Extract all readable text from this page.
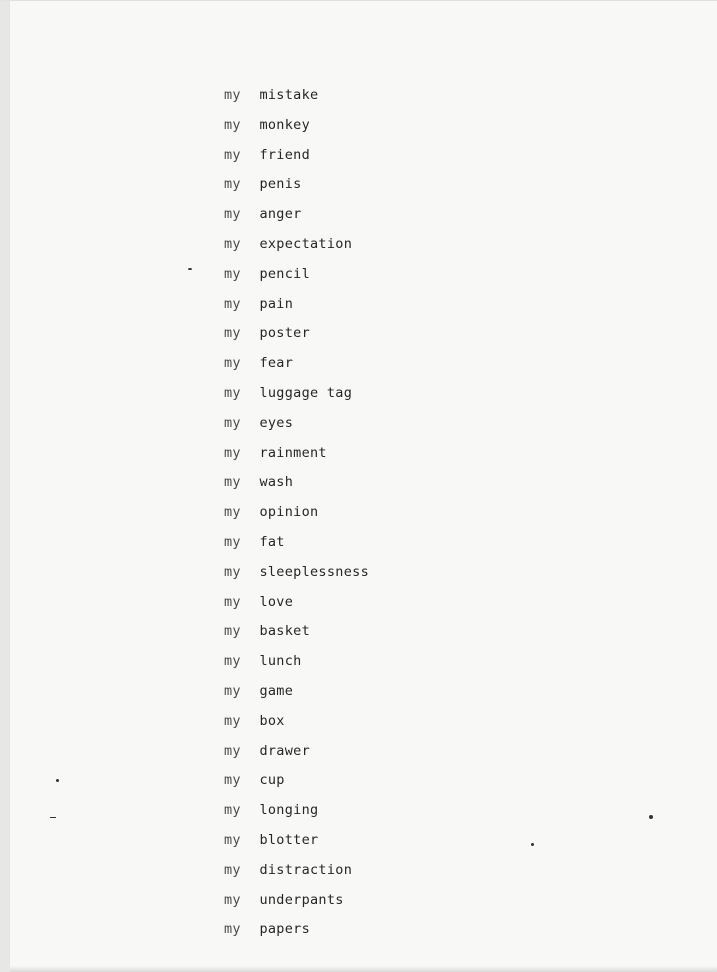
my mistake
my monkey
my friend
my penis
my anger
my expectation
my pencil
my pain
my poster
my fear
my luggage tag
my eyes
my rainment
my wash
my opinion
my fat
my sleeplessness
my love
my basket
my lunch
my game
my box
my drawer
my cup
my longing
my blotter
my distraction
my underpants
my papers
